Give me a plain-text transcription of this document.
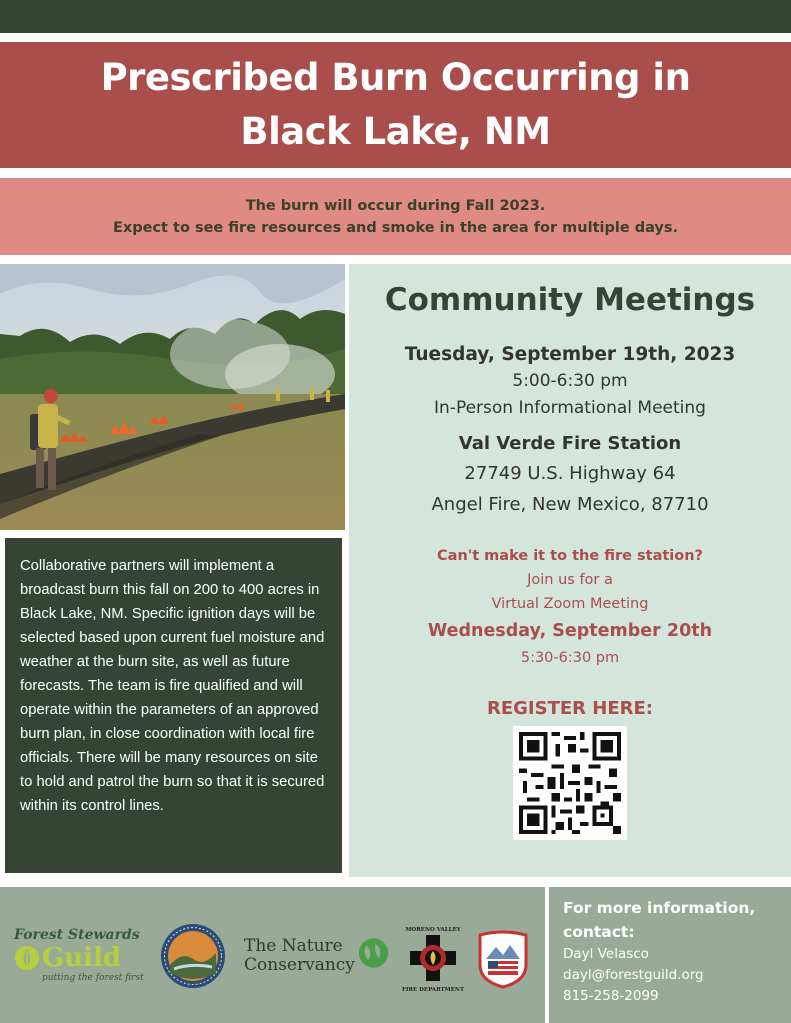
Prescribed Burn Occurring in
Black Lake, NM
The burn will occur during Fall 2023.
Expect to see fire resources and smoke in the area for multiple days.

Collaborative partners will implement a broadcast burn this fall on 200 to 400 acres in Black Lake, NM. Specific ignition days will be selected based upon current fuel moisture and weather at the burn site, as well as future forecasts. The team is fire qualified and will operate within the parameters of an approved burn plan, in close coordination with local fire officials. There will be many resources on site to hold and patrol the burn so that it is secured within its control lines.

Community Meetings
Tuesday, September 19th, 2023
5:00-6:30 pm
In-Person Informational Meeting
Val Verde Fire Station
27749 U.S. Highway 64
Angel Fire, New Mexico, 87710
Can't make it to the fire station?
Join us for a
Virtual Zoom Meeting
Wednesday, September 20th
5:30-6:30 pm
REGISTER HERE:
Forest Stewards
Guild
putting the forest first
The Nature
Conservancy
MORENO VALLEY
FIRE DEPARTMENT
For more information,
contact:
Dayl Velasco
dayl@forestguild.org
815-258-2099
